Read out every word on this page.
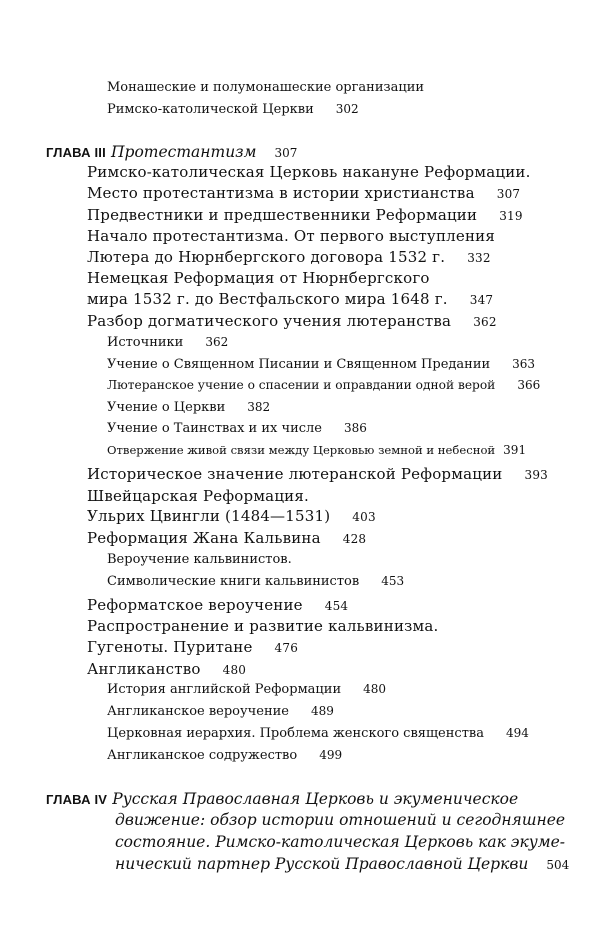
Монашеские и полумонашеские организации
Римско-католической Церкви 302
ГЛАВА III Протестантизм 307
Римско-католическая Церковь накануне Реформации.
Место протестантизма в истории христианства 307
Предвестники и предшественники Реформации 319
Начало протестантизма. От первого выступления
Лютера до Нюрнбергского договора 1532 г. 332
Немецкая Реформация от Нюрнбергского
мира 1532 г. до Вестфальского мира 1648 г. 347
Разбор догматического учения лютеранства 362
Источники 362
Учение о Священном Писании и Священном Предании 363
Лютеранское учение о спасении и оправдании одной верой 366
Учение о Церкви 382
Учение о Таинствах и их числе 386
Отвержение живой связи между Церковью земной и небесной 391
Историческое значение лютеранской Реформации 393
Швейцарская Реформация.
Ульрих Цвингли (1484—1531) 403
Реформация Жана Кальвина 428
Вероучение кальвинистов.
Символические книги кальвинистов 453
Реформатское вероучение 454
Распространение и развитие кальвинизма.
Гугеноты. Пуритане 476
Англиканство 480
История английской Реформации 480
Англиканское вероучение 489
Церковная иерархия. Проблема женского священства 494
Англиканское содружество 499
ГЛАВА IV Русская Православная Церковь и экуменическое
движение: обзор истории отношений и сегодняшнее
состояние. Римско-католическая Церковь как экуме-
нический партнер Русской Православной Церкви 504
